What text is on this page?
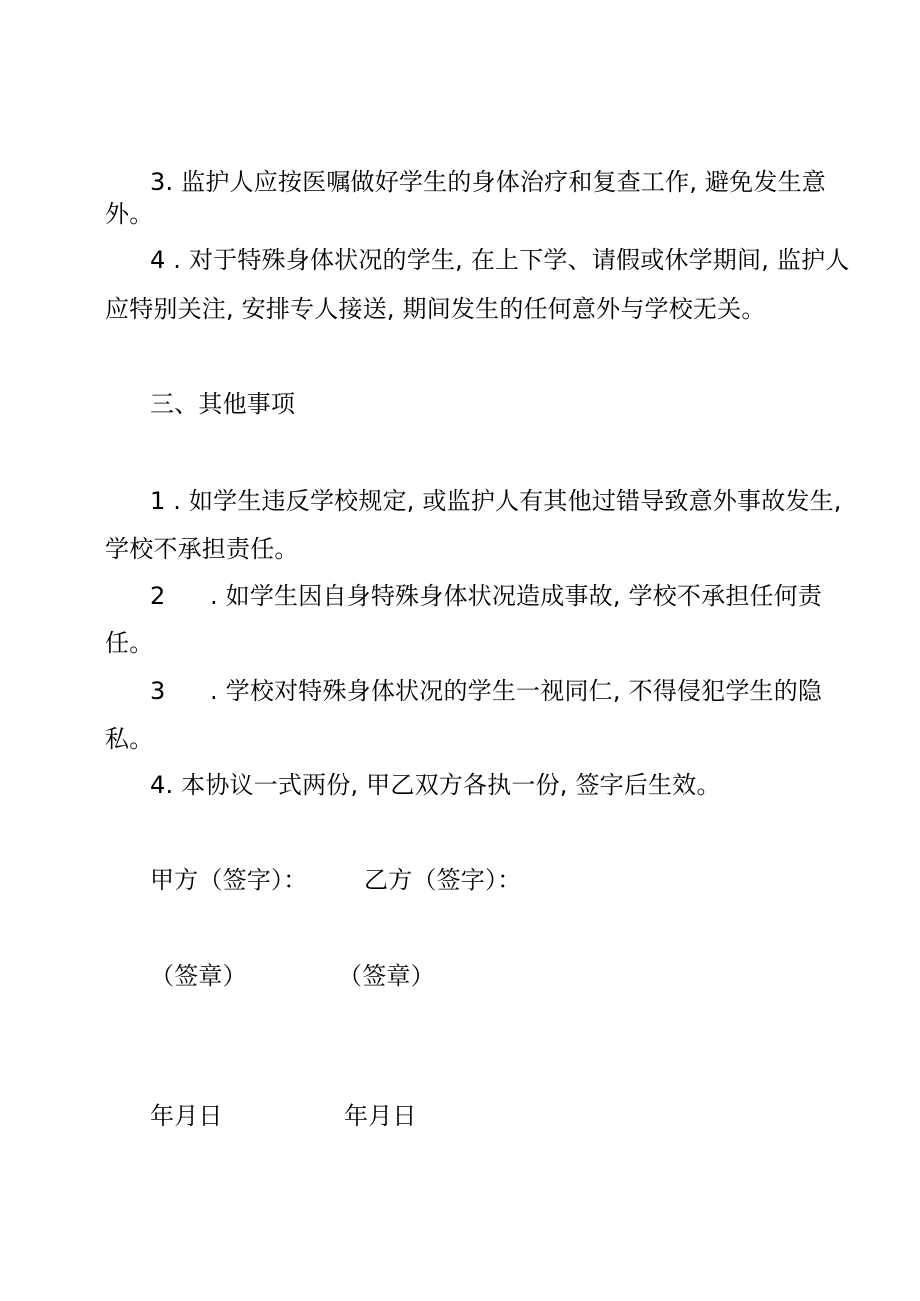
3. 监护人应按医嘱做好学生的身体治疗和复查工作, 避免发生意
外。
4 . 对于特殊身体状况的学生, 在上下学、请假或休学期间, 监护人
应特别关注, 安排专人接送, 期间发生的任何意外与学校无关。
三、其他事项
1 . 如学生违反学校规定, 或监护人有其他过错导致意外事故发生,
学校不承担责任。
2 . 如学生因自身特殊身体状况造成事故, 学校不承担任何责
任。
3 . 学校对特殊身体状况的学生一视同仁, 不得侵犯学生的隐
私。
4. 本协议一式两份, 甲乙双方各执一份, 签字后生效。
甲方（签字）： 乙方（签字）：
（签章）	（签章）
年月日	年月日
